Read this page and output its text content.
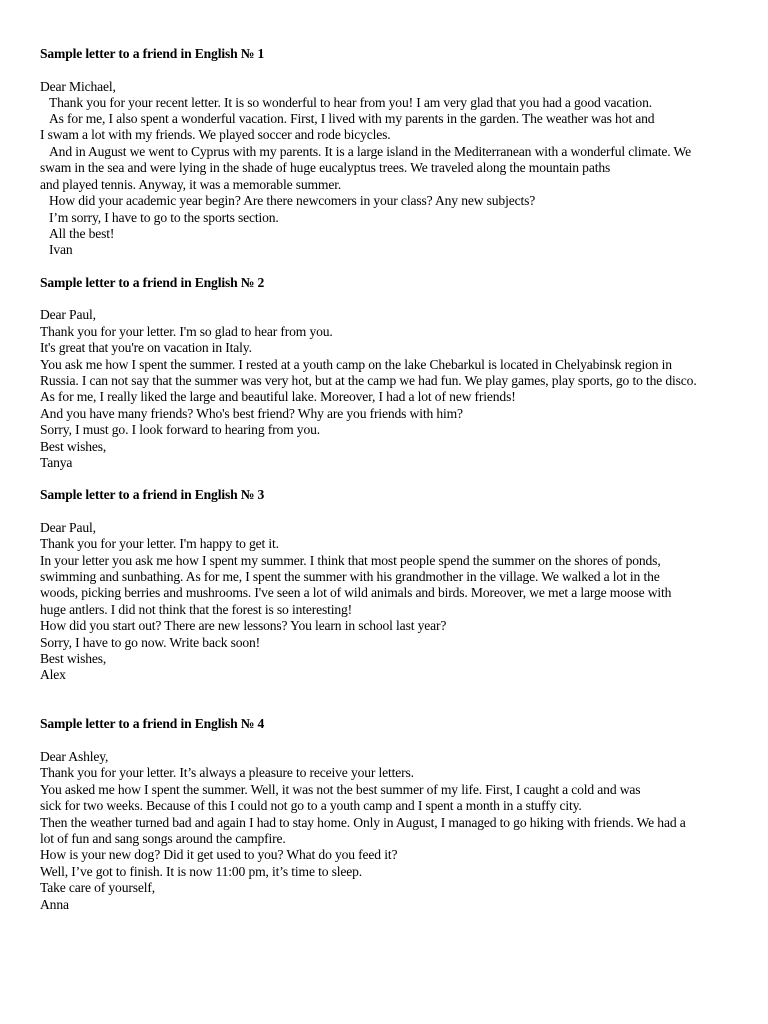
Sample letter to a friend in English № 1
Dear Michael,
Thank you for your recent letter. It is so wonderful to hear from you! I am very glad that you had a good vacation.
As for me, I also spent a wonderful vacation. First, I lived with my parents in the garden. The weather was hot and
I swam a lot with my friends. We played soccer and rode bicycles.
And in August we went to Cyprus with my parents. It is a large island in the Mediterranean with a wonderful climate. We
swam in the sea and were lying in the shade of huge eucalyptus trees. We traveled along the mountain paths
and played tennis. Anyway, it was a memorable summer.
How did your academic year begin? Are there newcomers in your class? Any new subjects?
I’m sorry, I have to go to the sports section.
All the best!
Ivan
Sample letter to a friend in English № 2
Dear Paul,
Thank you for your letter. I'm so glad to hear from you.
It's great that you're on vacation in Italy.
You ask me how I spent the summer. I rested at a youth camp on the lake Chebarkul is located in Chelyabinsk region in
Russia. I can not say that the summer was very hot, but at the camp we had fun. We play games, play sports, go to the disco.
As for me, I really liked the large and beautiful lake. Moreover, I had a lot of new friends!
And you have many friends? Who's best friend? Why are you friends with him?
Sorry, I must go. I look forward to hearing from you.
Best wishes,
Tanya
Sample letter to a friend in English № 3
Dear Paul,
Thank you for your letter. I'm happy to get it.
In your letter you ask me how I spent my summer. I think that most people spend the summer on the shores of ponds,
swimming and sunbathing. As for me, I spent the summer with his grandmother in the village. We walked a lot in the
woods, picking berries and mushrooms. I've seen a lot of wild animals and birds. Moreover, we met a large moose with
huge antlers. I did not think that the forest is so interesting!
How did you start out? There are new lessons? You learn in school last year?
Sorry, I have to go now. Write back soon!
Best wishes,
Alex
Sample letter to a friend in English № 4
Dear Ashley,
Thank you for your letter. It’s always a pleasure to receive your letters.
You asked me how I spent the summer. Well, it was not the best summer of my life. First, I caught a cold and was
sick for two weeks. Because of this I could not go to a youth camp and I spent a month in a stuffy city.
Then the weather turned bad and again I had to stay home. Only in August, I managed to go hiking with friends. We had a
lot of fun and sang songs around the campfire.
How is your new dog? Did it get used to you? What do you feed it?
Well, I’ve got to finish. It is now 11:00 pm, it’s time to sleep.
Take care of yourself,
Anna
